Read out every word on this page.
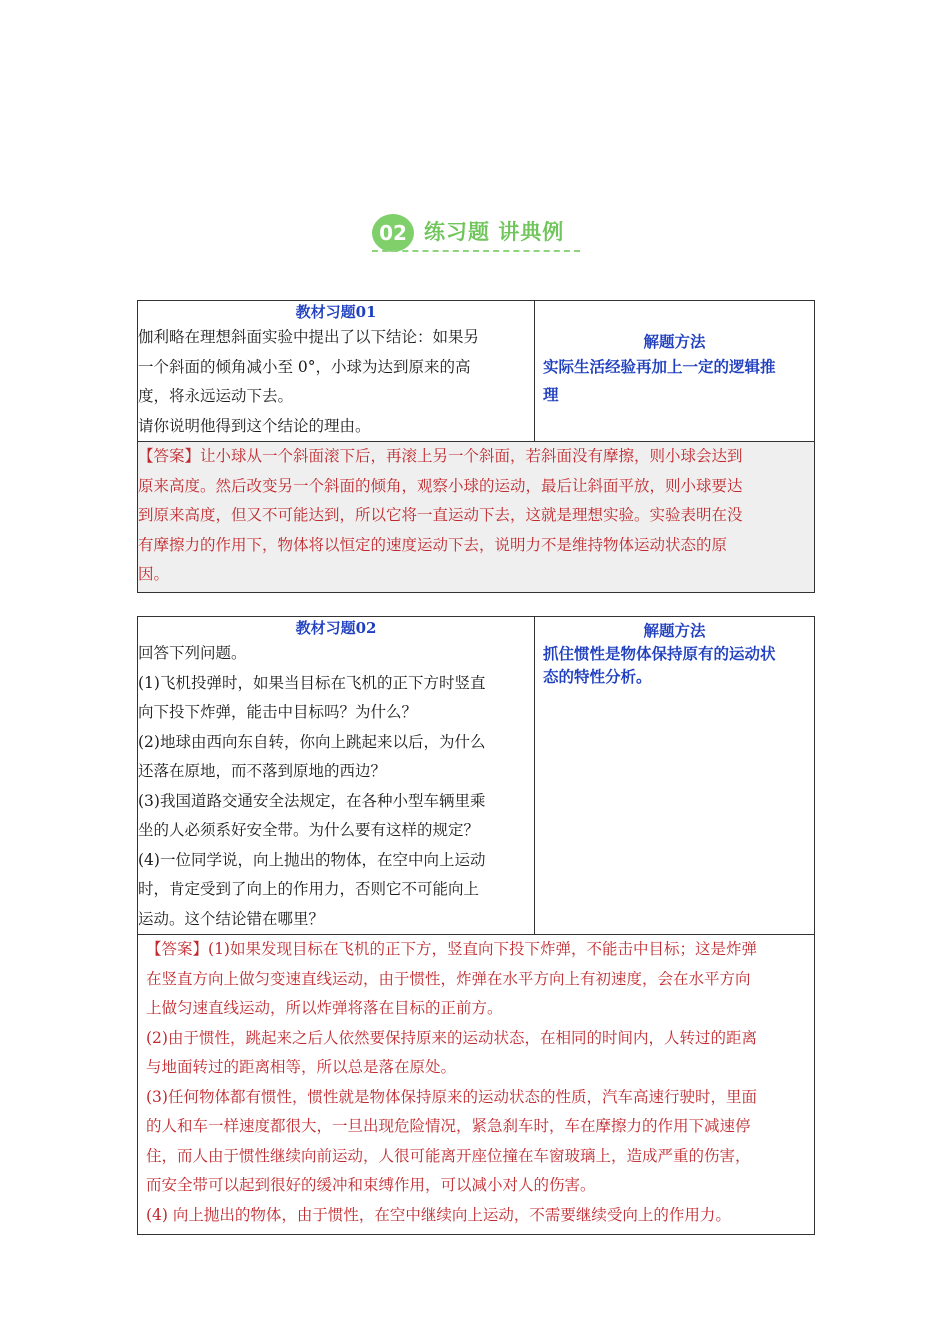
02 练习题 讲典例
教材习题01
伽利略在理想斜面实验中提出了以下结论：如果另
一个斜面的倾角减小至 0°，小球为达到原来的高
度，将永远运动下去。
请你说明他得到这个结论的理由。

解题方法
实际生活经验再加上一定的逻辑推
理

【答案】让小球从一个斜面滚下后，再滚上另一个斜面，若斜面没有摩擦，则小球会达到
原来高度。然后改变另一个斜面的倾角，观察小球的运动，最后让斜面平放，则小球要达
到原来高度，但又不可能达到，所以它将一直运动下去，这就是理想实验。实验表明在没
有摩擦力的作用下，物体将以恒定的速度运动下去，说明力不是维持物体运动状态的原
因。
教材习题02
回答下列问题。
(1)飞机投弹时，如果当目标在飞机的正下方时竖直
向下投下炸弹，能击中目标吗？为什么？
(2)地球由西向东自转，你向上跳起来以后，为什么
还落在原地，而不落到原地的西边？
(3)我国道路交通安全法规定，在各种小型车辆里乘
坐的人必须系好安全带。为什么要有这样的规定？
(4)一位同学说，向上抛出的物体，在空中向上运动
时，肯定受到了向上的作用力，否则它不可能向上
运动。这个结论错在哪里？

解题方法
抓住惯性是物体保持原有的运动状
态的特性分析。

【答案】(1)如果发现目标在飞机的正下方，竖直向下投下炸弹，不能击中目标；这是炸弹
在竖直方向上做匀变速直线运动，由于惯性，炸弹在水平方向上有初速度，会在水平方向
上做匀速直线运动，所以炸弹将落在目标的正前方。
(2)由于惯性，跳起来之后人依然要保持原来的运动状态，在相同的时间内，人转过的距离
与地面转过的距离相等，所以总是落在原处。
(3)任何物体都有惯性，惯性就是物体保持原来的运动状态的性质，汽车高速行驶时，里面
的人和车一样速度都很大，一旦出现危险情况，紧急刹车时，车在摩擦力的作用下减速停
住，而人由于惯性继续向前运动，人很可能离开座位撞在车窗玻璃上，造成严重的伤害，
而安全带可以起到很好的缓冲和束缚作用，可以减小对人的伤害。
(4) 向上抛出的物体，由于惯性，在空中继续向上运动，不需要继续受向上的作用力。
